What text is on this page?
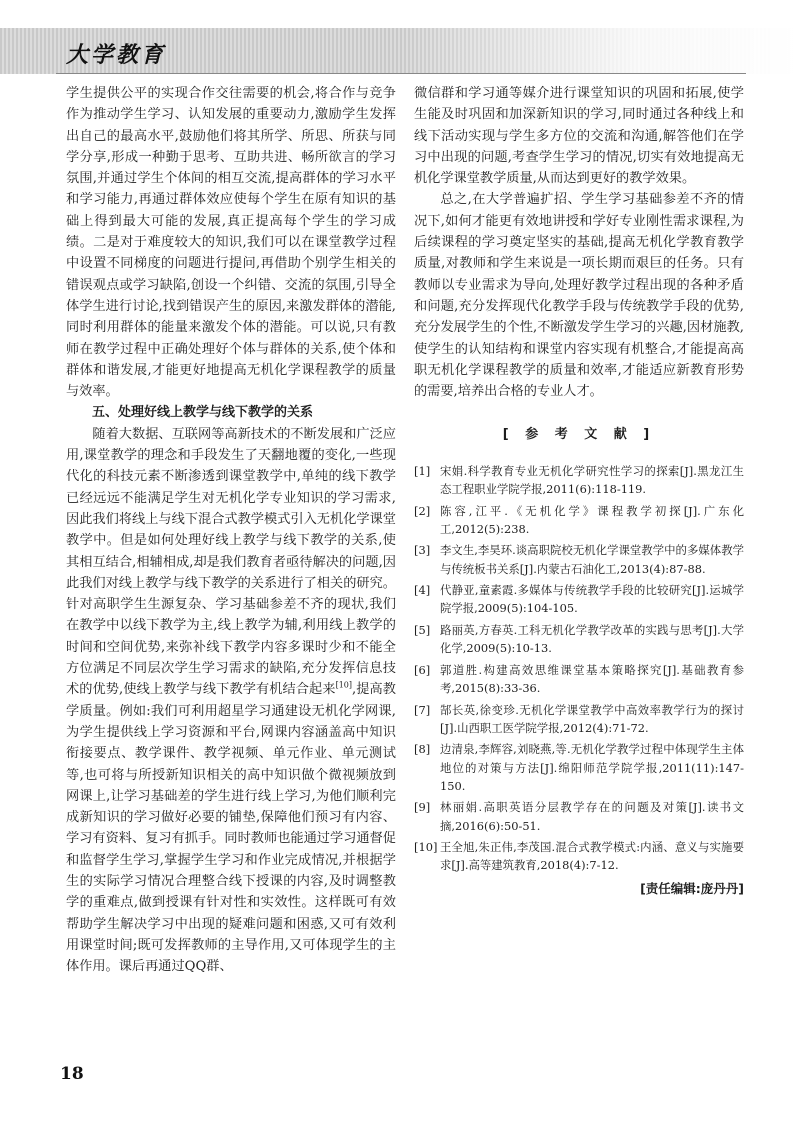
大学教育

学生提供公平的实现合作交往需要的机会,将合作与竞争作为推动学生学习、认知发展的重要动力,激励学生发挥出自己的最高水平,鼓励他们将其所学、所思、所获与同学分享,形成一种勤于思考、互助共进、畅所欲言的学习氛围,并通过学生个体间的相互交流,提高群体的学习水平和学习能力,再通过群体效应使每个学生在原有知识的基础上得到最大可能的发展,真正提高每个学生的学习成绩。二是对于难度较大的知识,我们可以在课堂教学过程中设置不同梯度的问题进行提问,再借助个别学生相关的错误观点或学习缺陷,创设一个纠错、交流的氛围,引导全体学生进行讨论,找到错误产生的原因,来激发群体的潜能,同时利用群体的能量来激发个体的潜能。可以说,只有教师在教学过程中正确处理好个体与群体的关系,使个体和群体和谐发展,才能更好地提高无机化学课程教学的质量与效率。

五、处理好线上教学与线下教学的关系

随着大数据、互联网等高新技术的不断发展和广泛应用,课堂教学的理念和手段发生了天翻地覆的变化,一些现代化的科技元素不断渗透到课堂教学中,单纯的线下教学已经远远不能满足学生对无机化学专业知识的学习需求,因此我们将线上与线下混合式教学模式引入无机化学课堂教学中。但是如何处理好线上教学与线下教学的关系,使其相互结合,相辅相成,却是我们教育者亟待解决的问题,因此我们对线上教学与线下教学的关系进行了相关的研究。针对高职学生生源复杂、学习基础参差不齐的现状,我们在教学中以线下教学为主,线上教学为辅,利用线上教学的时间和空间优势,来弥补线下教学内容多课时少和不能全方位满足不同层次学生学习需求的缺陷,充分发挥信息技术的优势,使线上教学与线下教学有机结合起来[10],提高教学质量。例如:我们可利用超星学习通建设无机化学网课,为学生提供线上学习资源和平台,网课内容涵盖高中知识衔接要点、教学课件、教学视频、单元作业、单元测试等,也可将与所授新知识相关的高中知识做个微视频放到网课上,让学习基础差的学生进行线上学习,为他们顺利完成新知识的学习做好必要的铺垫,保障他们预习有内容、学习有资料、复习有抓手。同时教师也能通过学习通督促和监督学生学习,掌握学生学习和作业完成情况,并根据学生的实际学习情况合理整合线下授课的内容,及时调整教学的重难点,做到授课有针对性和实效性。这样既可有效帮助学生解决学习中出现的疑难问题和困惑,又可有效利用课堂时间;既可发挥教师的主导作用,又可体现学生的主体作用。课后再通过QQ群、

微信群和学习通等媒介进行课堂知识的巩固和拓展,使学生能及时巩固和加深新知识的学习,同时通过各种线上和线下活动实现与学生多方位的交流和沟通,解答他们在学习中出现的问题,考查学生学习的情况,切实有效地提高无机化学课堂教学质量,从而达到更好的教学效果。

总之,在大学普遍扩招、学生学习基础参差不齐的情况下,如何才能更有效地讲授和学好专业刚性需求课程,为后续课程的学习奠定坚实的基础,提高无机化学教育教学质量,对教师和学生来说是一项长期而艰巨的任务。只有教师以专业需求为导向,处理好教学过程出现的各种矛盾和问题,充分发挥现代化教学手段与传统教学手段的优势,充分发展学生的个性,不断激发学生学习的兴趣,因材施教,使学生的认知结构和课堂内容实现有机整合,才能提高高职无机化学课程教学的质量和效率,才能适应新教育形势的需要,培养出合格的专业人才。

[ 参 考 文 献 ]
[1] 宋娟.科学教育专业无机化学研究性学习的探索[J].黑龙江生态工程职业学院学报,2011(6):118-119.
[2] 陈容,江平.《无机化学》课程教学初探[J].广东化工,2012(5):238.
[3] 李文生,李昊环.谈高职院校无机化学课堂教学中的多媒体教学与传统板书关系[J].内蒙古石油化工,2013(4):87-88.
[4] 代静亚,童素霞.多媒体与传统教学手段的比较研究[J].运城学院学报,2009(5):104-105.
[5] 路丽英,方春英.工科无机化学教学改革的实践与思考[J].大学化学,2009(5):10-13.
[6] 郭道胜.构建高效思维课堂基本策略探究[J].基础教育参考,2015(8):33-36.
[7] 郜长英,徐变珍.无机化学课堂教学中高效率教学行为的探讨[J].山西职工医学院学报,2012(4):71-72.
[8] 边清泉,李辉容,刘晓燕,等.无机化学教学过程中体现学生主体地位的对策与方法[J].绵阳师范学院学报,2011(11):147-150.
[9] 林丽娟.高职英语分层教学存在的问题及对策[J].读书文摘,2016(6):50-51.
[10] 王全旭,朱正伟,李茂国.混合式教学模式:内涵、意义与实施要求[J].高等建筑教育,2018(4):7-12.
[责任编辑:庞丹丹]
18
